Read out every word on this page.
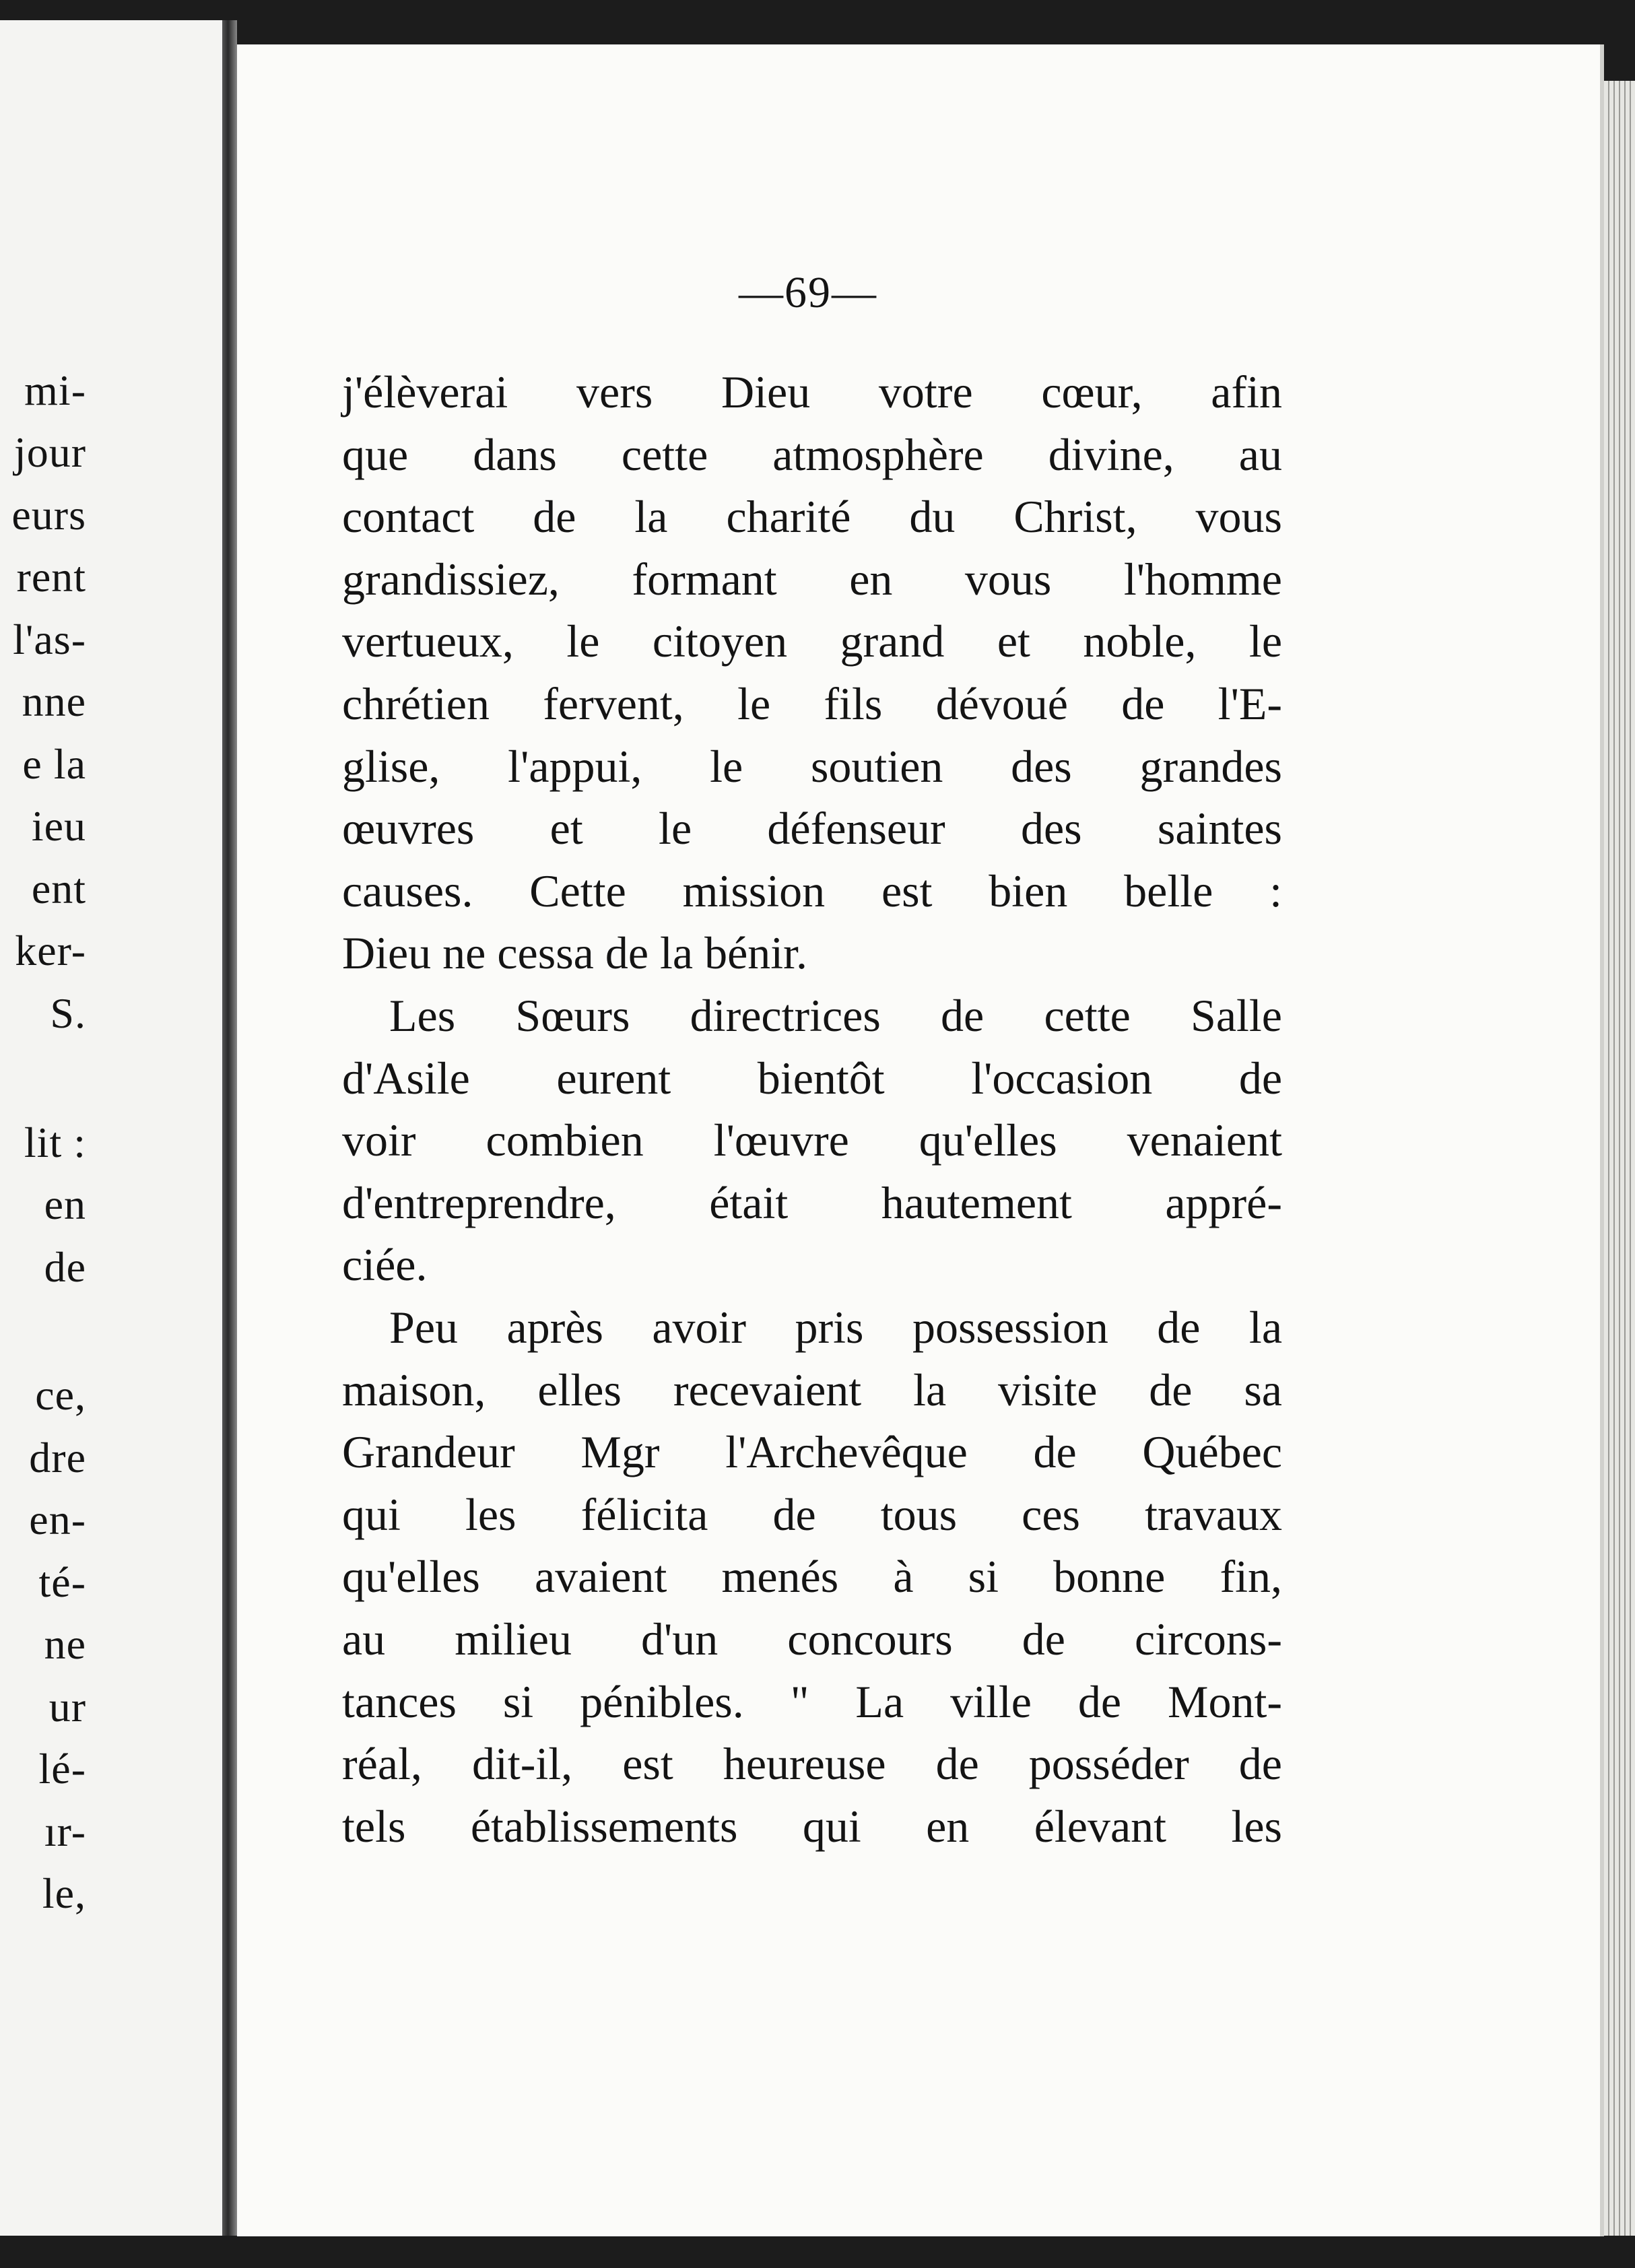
mi-
jour
eurs
rent
l'as-
nne
e la
ieu
ent
ker-
S.
lit :
en
de
ce,
dre
en-
té-
ne
ur
lé-
ır-
le,
—69—
j'élèverai vers Dieu votre cœur, afin
que dans cette atmosphère divine, au
contact de la charité du Christ, vous
grandissiez, formant en vous l'homme
vertueux, le citoyen grand et noble, le
chrétien fervent, le fils dévoué de l'E-
glise, l'appui, le soutien des grandes
œuvres et le défenseur des saintes
causes. Cette mission est bien belle :
Dieu ne cessa de la bénir.
Les Sœurs directrices de cette Salle
d'Asile eurent bientôt l'occasion de
voir combien l'œuvre qu'elles venaient
d'entreprendre, était hautement appré-
ciée.
Peu après avoir pris possession de la
maison, elles recevaient la visite de sa
Grandeur Mgr l'Archevêque de Québec
qui les félicita de tous ces travaux
qu'elles avaient menés à si bonne fin,
au milieu d'un concours de circons-
tances si pénibles. " La ville de Mont-
réal, dit-il, est heureuse de posséder de
tels établissements qui en élevant les
